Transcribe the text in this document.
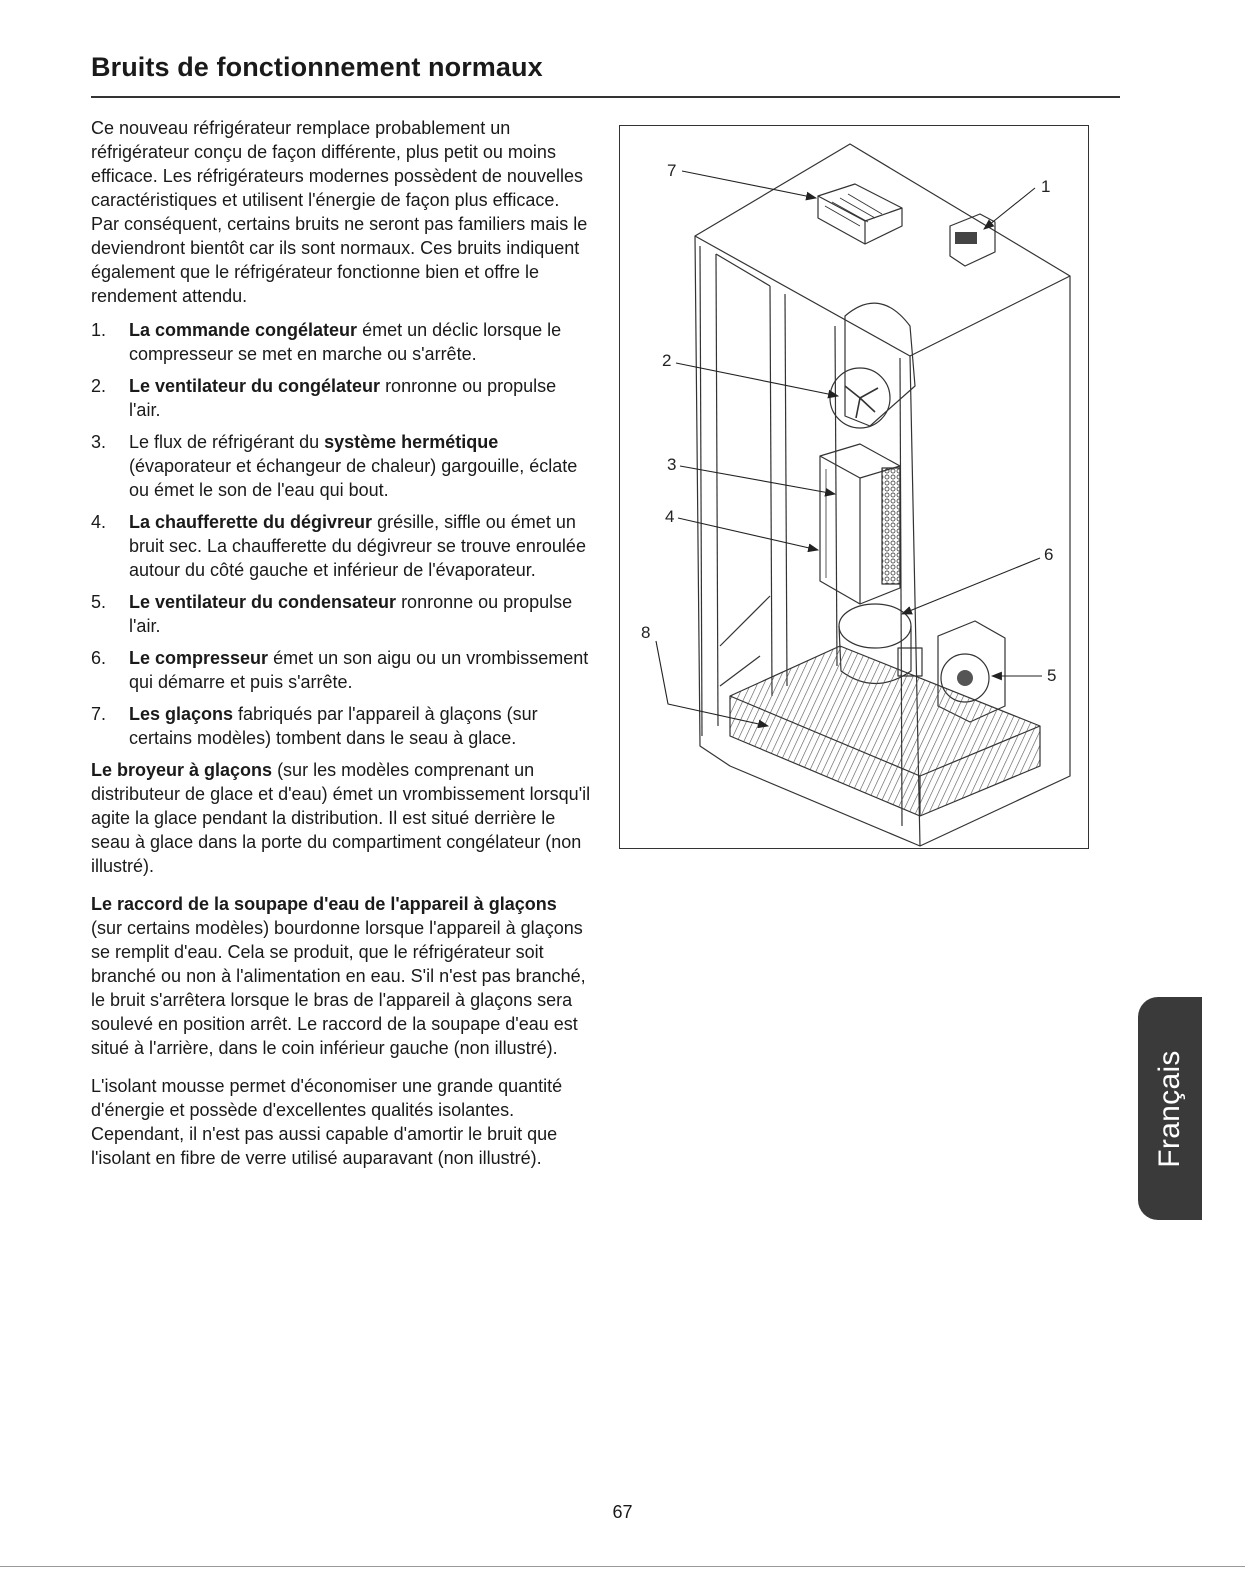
Bruits de fonctionnement normaux

Ce nouveau réfrigérateur remplace probablement un réfrigérateur conçu de façon différente, plus petit ou moins efficace. Les réfrigérateurs modernes possèdent de nouvelles caractéristiques et utilisent l'énergie de façon plus efficace. Par conséquent, certains bruits ne seront pas familiers mais le deviendront bientôt car ils sont normaux. Ces bruits indiquent également que le réfrigérateur fonctionne bien et offre le rendement attendu.

1. La commande congélateur émet un déclic lorsque le compresseur se met en marche ou s'arrête.
2. Le ventilateur du congélateur ronronne ou propulse l'air.
3. Le flux de réfrigérant du système hermétique (évaporateur et échangeur de chaleur) gargouille, éclate ou émet le son de l'eau qui bout.
4. La chaufferette du dégivreur grésille, siffle ou émet un bruit sec. La chaufferette du dégivreur se trouve enroulée autour du côté gauche et inférieur de l'évaporateur.
5. Le ventilateur du condensateur ronronne ou propulse l'air.
6. Le compresseur émet un son aigu ou un vrombissement qui démarre et puis s'arrête.
7. Les glaçons fabriqués par l'appareil à glaçons (sur certains modèles) tombent dans le seau à glace.

Le broyeur à glaçons (sur les modèles comprenant un distributeur de glace et d'eau) émet un vrombissement lorsqu'il agite la glace pendant la distribution. Il est situé derrière le seau à glace dans la porte du compartiment congélateur (non illustré).

Le raccord de la soupape d'eau de l'appareil à glaçons (sur certains modèles) bourdonne lorsque l'appareil à glaçons se remplit d'eau. Cela se produit, que le réfrigérateur soit branché ou non à l'alimentation en eau. S'il n'est pas branché, le bruit s'arrêtera lorsque le bras de l'appareil à glaçons sera soulevé en position arrêt. Le raccord de la soupape d'eau est situé à l'arrière, dans le coin inférieur gauche (non illustré).

L'isolant mousse permet d'économiser une grande quantité d'énergie et possède d'excellentes qualités isolantes. Cependant, il n'est pas aussi capable d'amortir le bruit que l'isolant en fibre de verre utilisé auparavant (non illustré).

7
1
2
3
4
6
5
8
Français
67
